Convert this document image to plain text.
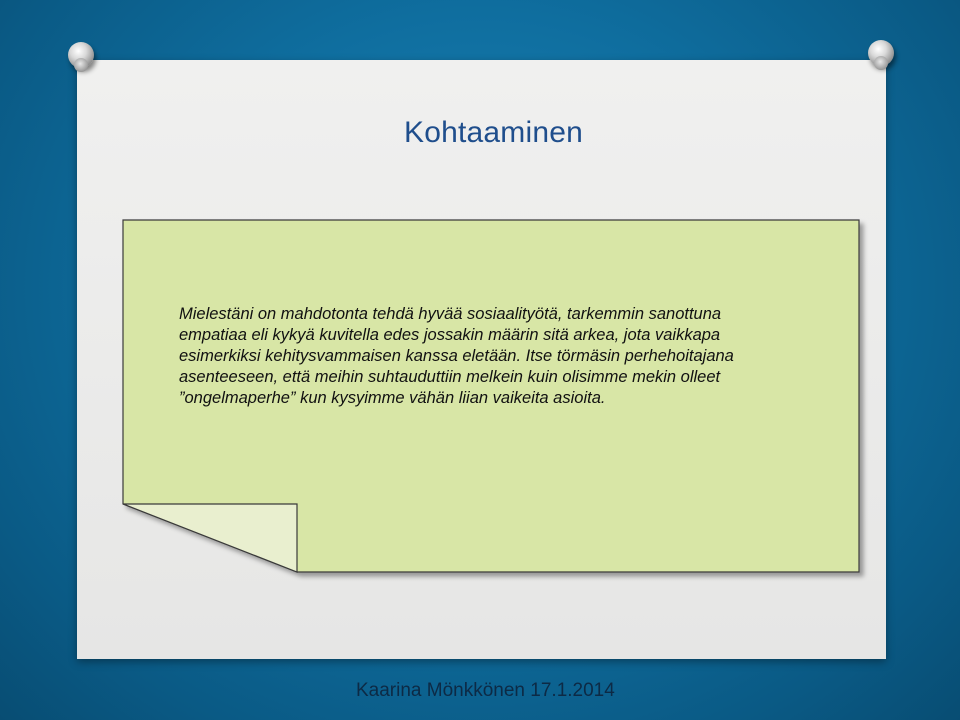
Kohtaaminen

Mielestäni on mahdotonta tehdä hyvää sosiaalityötä, tarkemmin sanottuna

empatiaa eli kykyä kuvitella edes jossakin määrin sitä arkea, jota vaikkapa

esimerkiksi kehitysvammaisen kanssa eletään. Itse törmäsin perhehoitajana

asenteeseen, että meihin suhtauduttiin melkein kuin olisimme mekin olleet

”ongelmaperhe” kun kysyimme vähän liian vaikeita asioita.

Kaarina Mönkkönen 17.1.2014
